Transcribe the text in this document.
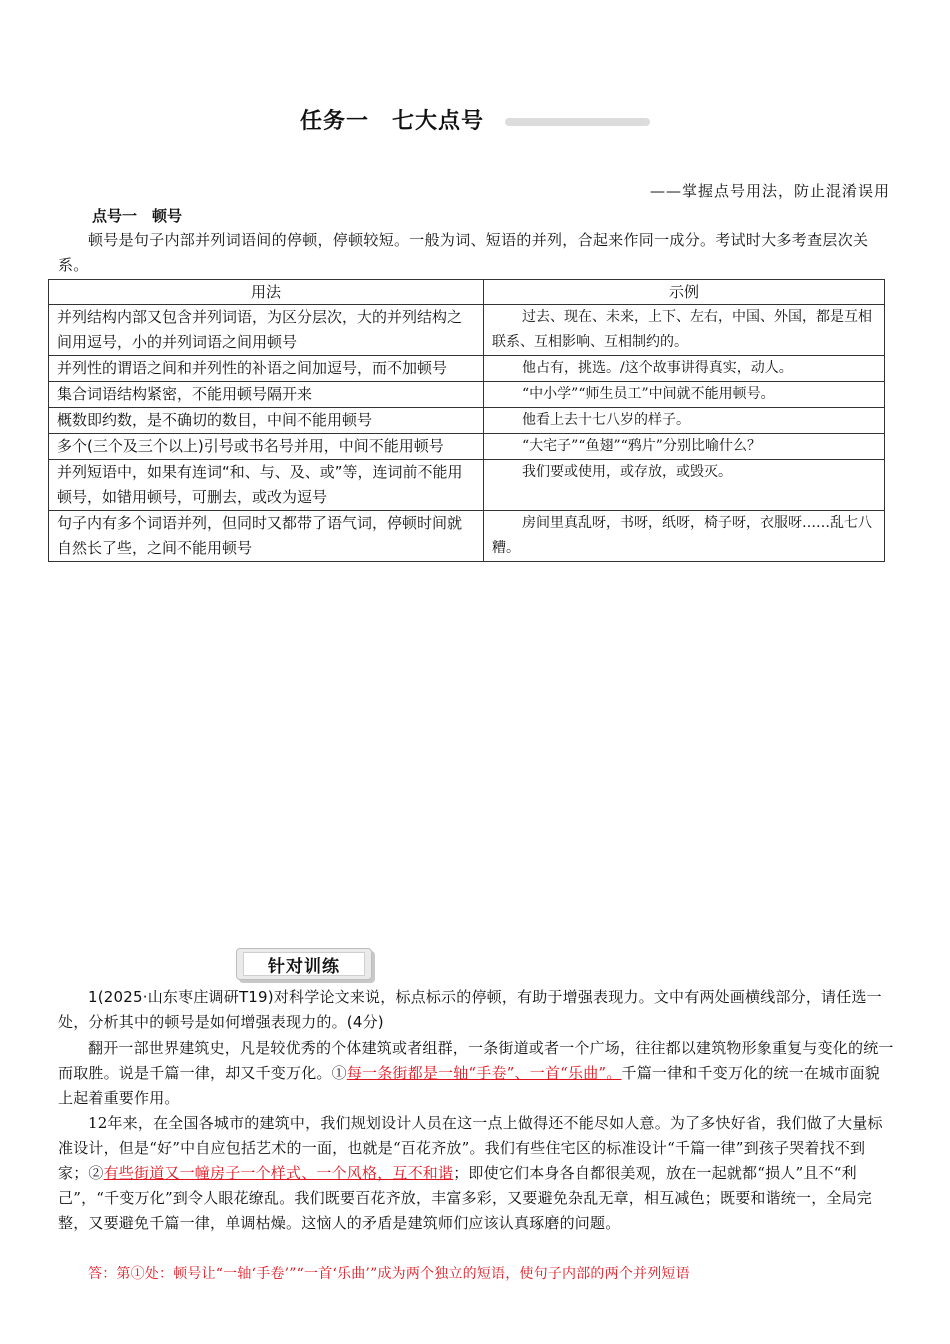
任务一　七大点号
——掌握点号用法，防止混淆误用
点号一　顿号
顿号是句子内部并列词语间的停顿，停顿较短。一般为词、短语的并列，合起来作同一成分。考试时大多考查层次关系。
用法	示例
并列结构内部又包含并列词语，为区分层次，大的并列结构之间用逗号，小的并列词语之间用顿号	过去、现在、未来，上下、左右，中国、外国，都是互相联系、互相影响、互相制约的。
并列性的谓语之间和并列性的补语之间加逗号，而不加顿号	他占有，挑选。/这个故事讲得真实，动人。
集合词语结构紧密，不能用顿号隔开来	“中小学”“师生员工”中间就不能用顿号。
概数即约数，是不确切的数目，中间不能用顿号	他看上去十七八岁的样子。
多个(三个及三个以上)引号或书名号并用，中间不能用顿号	“大宅子”“鱼翅”“鸦片”分别比喻什么？
并列短语中，如果有连词“和、与、及、或”等，连词前不能用顿号，如错用顿号，可删去，或改为逗号	我们要或使用，或存放，或毁灭。
句子内有多个词语并列，但同时又都带了语气词，停顿时间就自然长了些，之间不能用顿号	房间里真乱呀，书呀，纸呀，椅子呀，衣服呀……乱七八糟。
针对训练
1(2025·山东枣庄调研T19)对科学论文来说，标点标示的停顿，有助于增强表现力。文中有两处画横线部分，请任选一处，分析其中的顿号是如何增强表现力的。(4分)
翻开一部世界建筑史，凡是较优秀的个体建筑或者组群，一条街道或者一个广场，往往都以建筑物形象重复与变化的统一而取胜。说是千篇一律，却又千变万化。①每一条街都是一轴“手卷”、一首“乐曲”。千篇一律和千变万化的统一在城市面貌上起着重要作用。
12年来，在全国各城市的建筑中，我们规划设计人员在这一点上做得还不能尽如人意。为了多快好省，我们做了大量标准设计，但是“好”中自应包括艺术的一面，也就是“百花齐放”。我们有些住宅区的标准设计“千篇一律”到孩子哭着找不到家；②有些街道又一幢房子一个样式、一个风格，互不和谐；即使它们本身各自都很美观，放在一起就都“损人”且不“利己”，“千变万化”到令人眼花缭乱。我们既要百花齐放，丰富多彩，又要避免杂乱无章，相互减色；既要和谐统一，全局完整，又要避免千篇一律，单调枯燥。这恼人的矛盾是建筑师们应该认真琢磨的问题。
答：第①处：顿号让“一轴‘手卷’”“一首‘乐曲’”成为两个独立的短语，使句子内部的两个并列短语
